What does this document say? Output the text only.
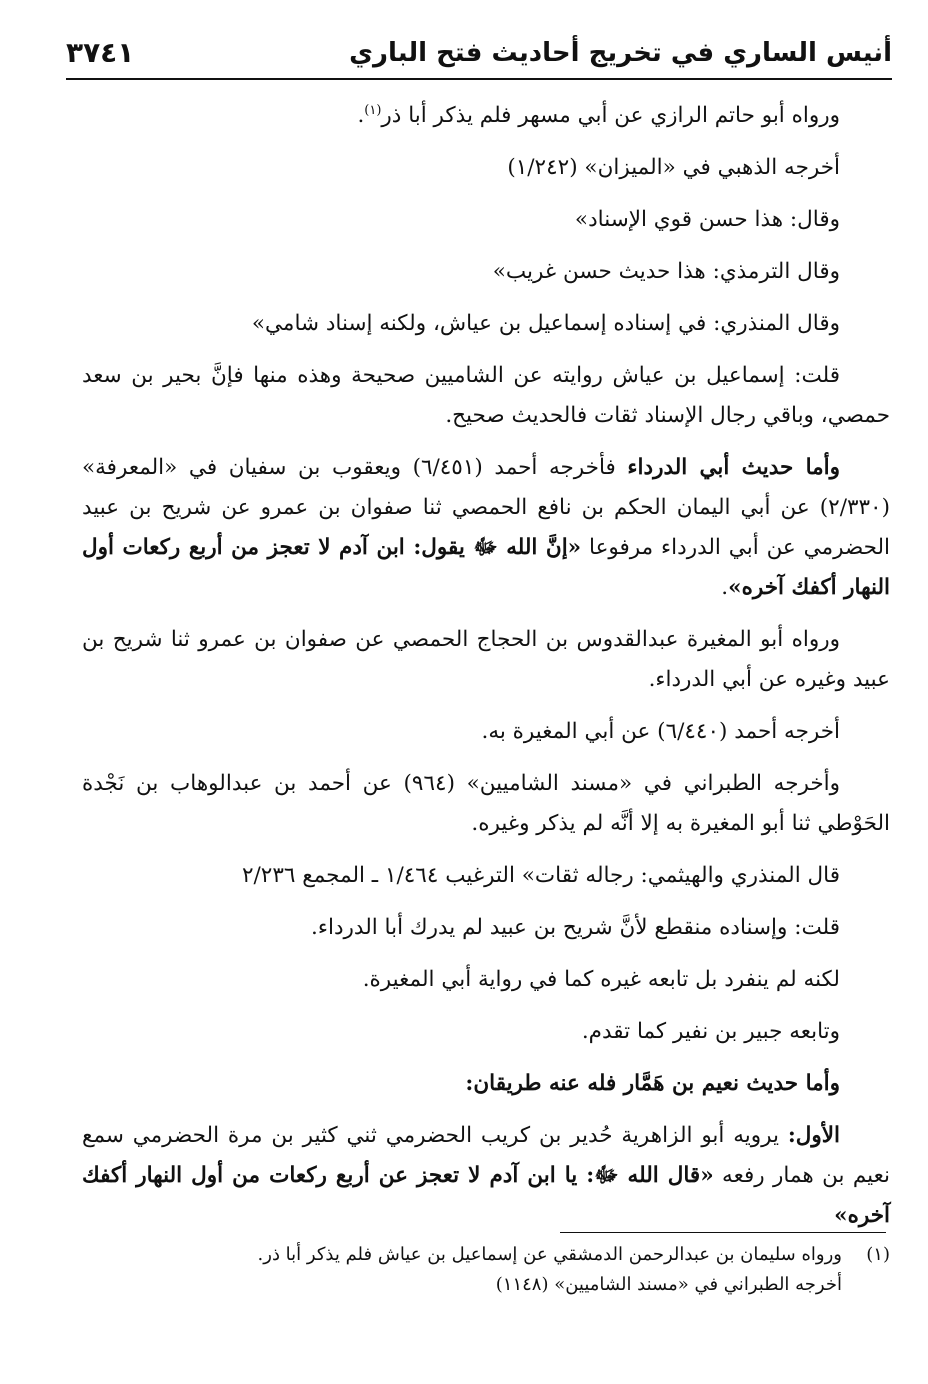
أنيس الساري في تخريج أحاديث فتح الباري
٣٧٤١

ورواه أبو حاتم الرازي عن أبي مسهر فلم يذكر أبا ذر$^{(١)}$.

أخرجه الذهبي في «الميزان» (١/٢٤٢)

وقال: هذا حسن قوي الإسناد»

وقال الترمذي: هذا حديث حسن غريب»

وقال المنذري: في إسناده إسماعيل بن عياش، ولكنه إسناد شامي»

قلت: إسماعيل بن عياش روايته عن الشاميين صحيحة وهذه منها فإنَّ بحير بن سعد حمصي، وباقي رجال الإسناد ثقات فالحديث صحيح.

وأما حديث أبي الدرداء فأخرجه أحمد (٦/٤٥١) ويعقوب بن سفيان في «المعرفة» (٢/٣٣٠) عن أبي اليمان الحكم بن نافع الحمصي ثنا صفوان بن عمرو عن شريح بن عبيد الحضرمي عن أبي الدرداء مرفوعا «إنَّ الله ﷻ يقول: ابن آدم لا تعجز من أربع ركعات أول النهار أكفك آخره».

ورواه أبو المغيرة عبدالقدوس بن الحجاج الحمصي عن صفوان بن عمرو ثنا شريح بن عبيد وغيره عن أبي الدرداء.

أخرجه أحمد (٦/٤٤٠) عن أبي المغيرة به.

وأخرجه الطبراني في «مسند الشاميين» (٩٦٤) عن أحمد بن عبدالوهاب بن نَجْدة الحَوْطي ثنا أبو المغيرة به إلا أنَّه لم يذكر وغيره.

قال المنذري والهيثمي: رجاله ثقات» الترغيب ١/٤٦٤ ـ المجمع ٢/٢٣٦

قلت: وإسناده منقطع لأنَّ شريح بن عبيد لم يدرك أبا الدرداء.

لكنه لم ينفرد بل تابعه غيره كما في رواية أبي المغيرة.

وتابعه جبير بن نفير كما تقدم.

وأما حديث نعيم بن هَمَّار فله عنه طريقان:

الأول: يرويه أبو الزاهرية حُدير بن كريب الحضرمي ثني كثير بن مرة الحضرمي سمع نعيم بن همار رفعه «قال الله ﷻ: يا ابن آدم لا تعجز عن أربع ركعات من أول النهار أكفك آخره»

(١)ورواه سليمان بن عبدالرحمن الدمشقي عن إسماعيل بن عياش فلم يذكر أبا ذر.

أخرجه الطبراني في «مسند الشاميين» (١١٤٨)
